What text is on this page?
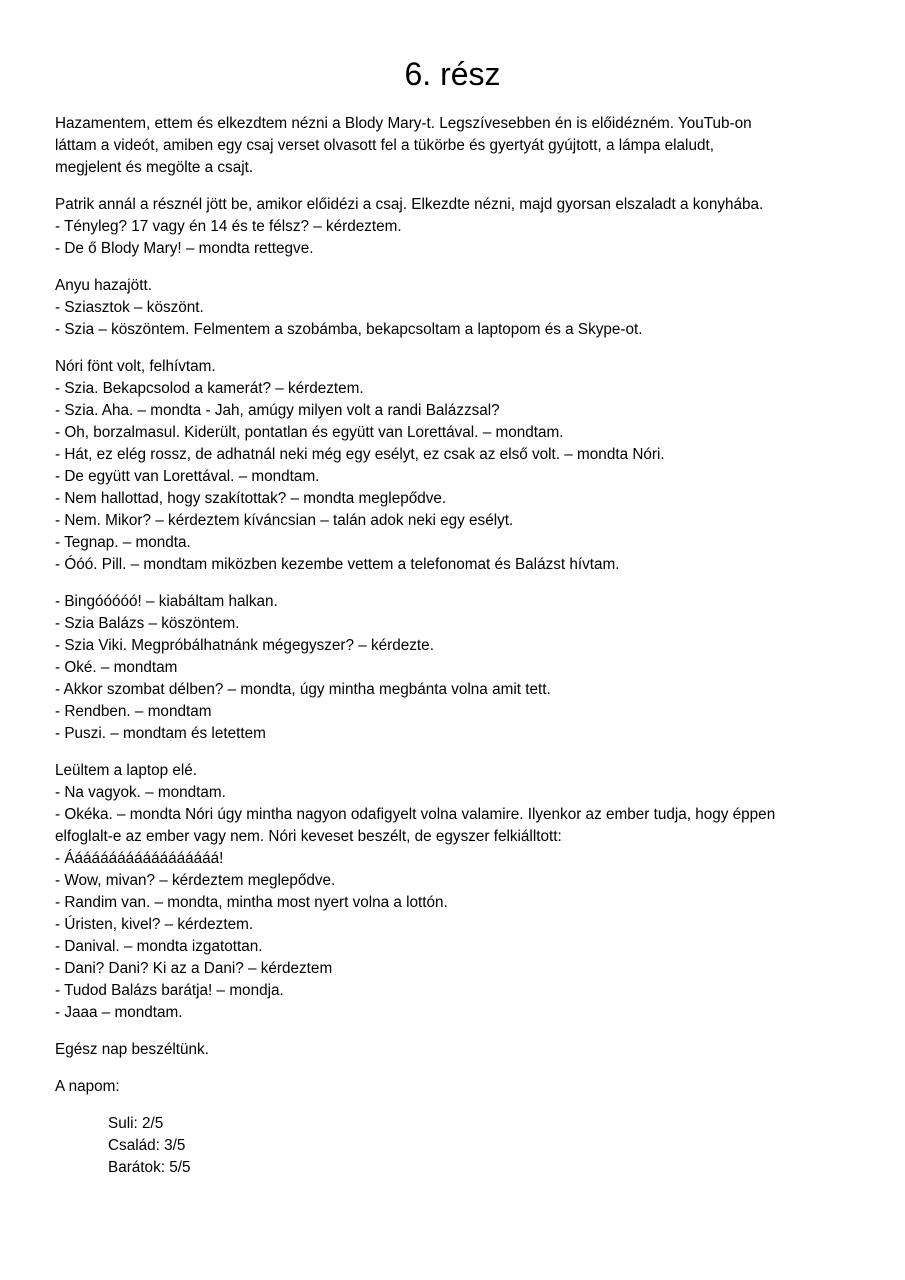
6. rész
Hazamentem, ettem és elkezdtem nézni a Blody Mary-t. Legszívesebben én is előidézném. YouTub-on
láttam a videót, amiben egy csaj verset olvasott fel a tükörbe és gyertyát gyújtott, a lámpa elaludt,
megjelent és megölte a csajt.
Patrik annál a résznél jött be, amikor előidézi a csaj. Elkezdte nézni, majd gyorsan elszaladt a konyhába.
- Tényleg? 17 vagy én 14 és te félsz? – kérdeztem.
- De ő Blody Mary! – mondta rettegve.
Anyu hazajött.
- Sziasztok – köszönt.
- Szia – köszöntem. Felmentem a szobámba, bekapcsoltam a laptopom és a Skype-ot.
Nóri fönt volt, felhívtam.
- Szia. Bekapcsolod a kamerát? – kérdeztem.
- Szia. Aha. – mondta - Jah, amúgy milyen volt a randi Balázzsal?
- Oh, borzalmasul. Kiderült, pontatlan és együtt van Lorettával. – mondtam.
- Hát, ez elég rossz, de adhatnál neki még egy esélyt, ez csak az első volt. – mondta Nóri.
- De együtt van Lorettával. – mondtam.
- Nem hallottad, hogy szakítottak? – mondta meglepődve.
- Nem. Mikor? – kérdeztem kíváncsian – talán adok neki egy esélyt.
- Tegnap. – mondta.
- Óóó. Pill. – mondtam miközben kezembe vettem a telefonomat és Balázst hívtam.
- Bingóóóóó! – kiabáltam halkan.
- Szia Balázs – köszöntem.
- Szia Viki. Megpróbálhatnánk mégegyszer? – kérdezte.
- Oké. – mondtam
- Akkor szombat délben? – mondta, úgy mintha megbánta volna amit tett.
- Rendben. – mondtam
- Puszi. – mondtam és letettem
Leültem a laptop elé.
- Na vagyok. – mondtam.
- Okéka. – mondta Nóri úgy mintha nagyon odafigyelt volna valamire. Ilyenkor az ember tudja, hogy éppen
elfoglalt-e az ember vagy nem. Nóri keveset beszélt, de egyszer felkiálltott:
- Áááááááááááááááááá!
- Wow, mivan? – kérdeztem meglepődve.
- Randim van. – mondta, mintha most nyert volna a lottón.
- Úristen, kivel? – kérdeztem.
- Danival. – mondta izgatottan.
- Dani? Dani? Ki az a Dani? – kérdeztem
- Tudod Balázs barátja! – mondja.
- Jaaa – mondtam.
Egész nap beszéltünk.
A napom:
Suli: 2/5
Család: 3/5
Barátok: 5/5
